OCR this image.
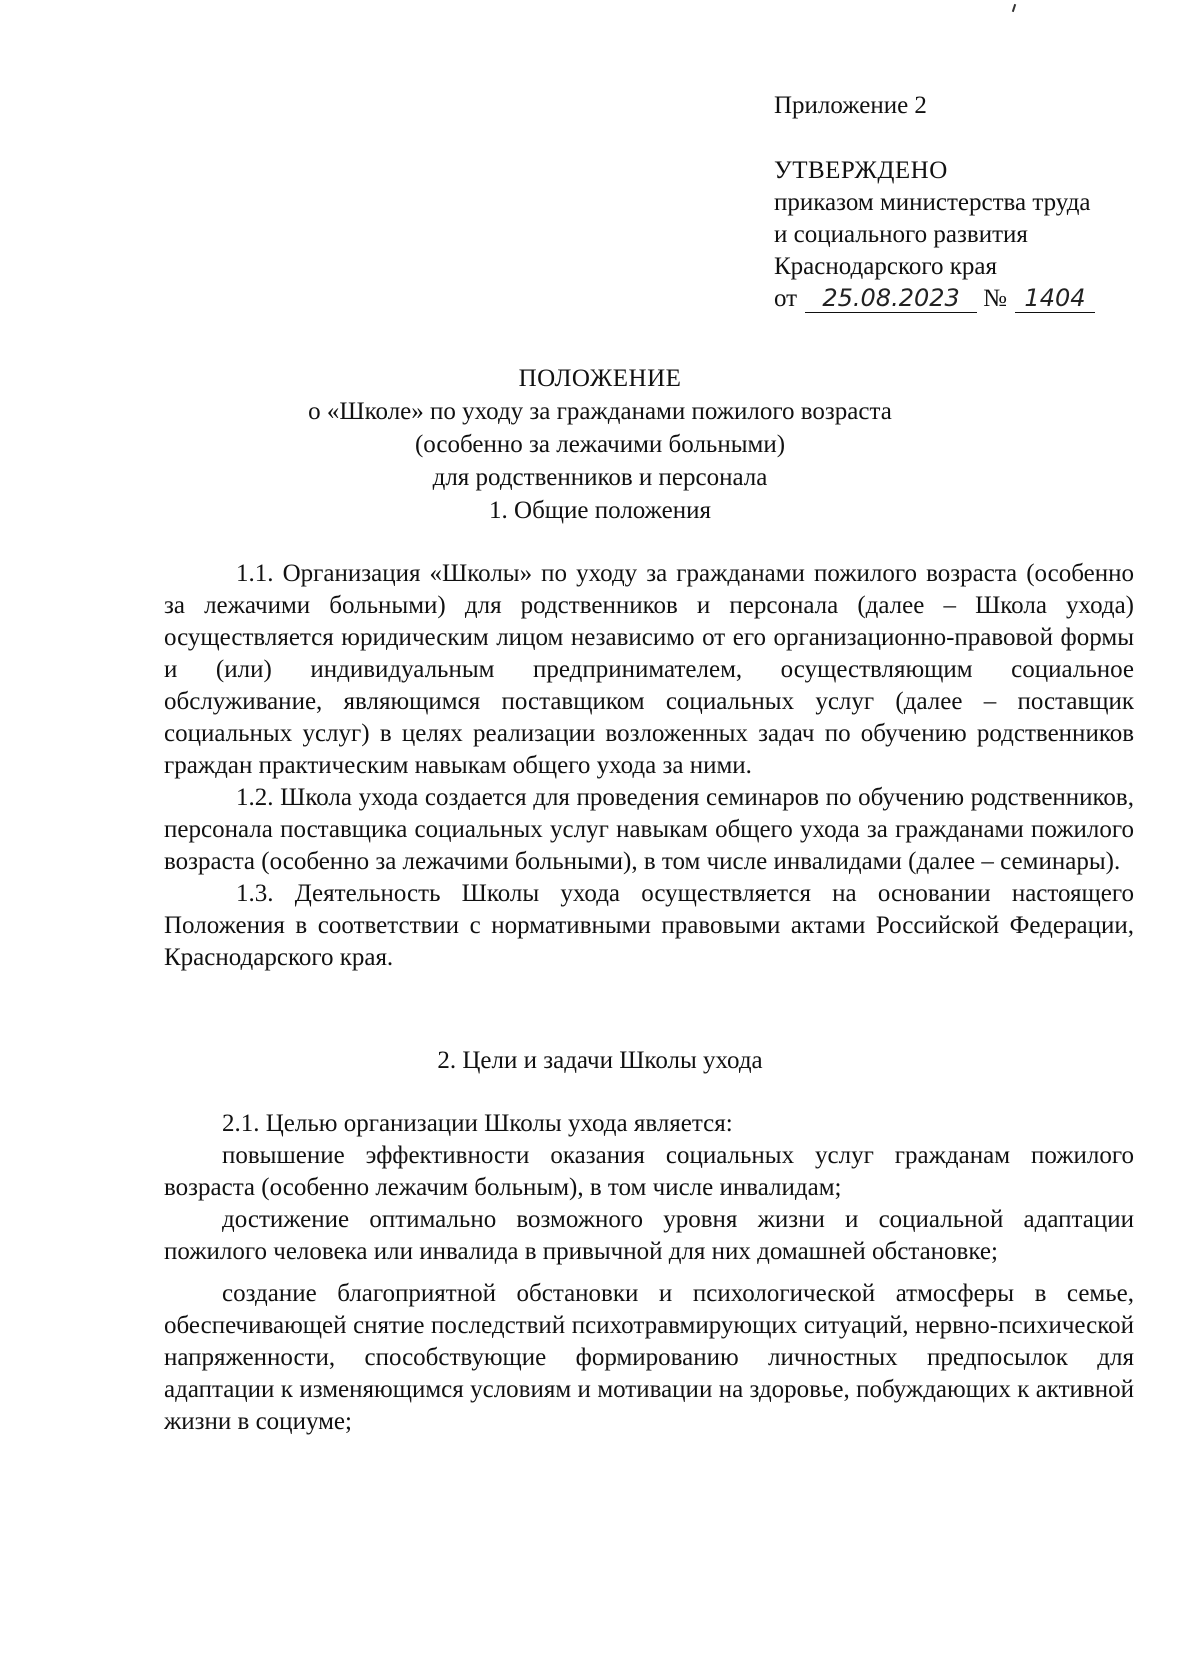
Приложение 2
УТВЕРЖДЕНО
приказом министерства труда
и социального развития
Краснодарского края
от 25.08.2023 № 1404
ПОЛОЖЕНИЕ
о «Школе» по уходу за гражданами пожилого возраста
(особенно за лежачими больными)
для родственников и персонала
1. Общие положения

1.1. Организация «Школы» по уходу за гражданами пожилого возраста (особенно за лежачими больными) для родственников и персонала (далее – Школа ухода) осуществляется юридическим лицом независимо от его организационно-правовой формы и (или) индивидуальным предпринимателем, осуществляющим социальное обслуживание, являющимся поставщиком социальных услуг (далее – поставщик социальных услуг) в целях реализации возложенных задач по обучению родственников граждан практическим навыкам общего ухода за ними.

1.2. Школа ухода создается для проведения семинаров по обучению родственников, персонала поставщика социальных услуг навыкам общего ухода за гражданами пожилого возраста (особенно за лежачими больными), в том числе инвалидами (далее – семинары).

1.3. Деятельность Школы ухода осуществляется на основании настоящего Положения в соответствии с нормативными правовыми актами Российской Федерации, Краснодарского края.

2. Цели и задачи Школы ухода

2.1. Целью организации Школы ухода является:

повышение эффективности оказания социальных услуг гражданам пожилого возраста (особенно лежачим больным), в том числе инвалидам;

достижение оптимально возможного уровня жизни и социальной адаптации пожилого человека или инвалида в привычной для них домашней обстановке;

создание благоприятной обстановки и психологической атмосферы в семье, обеспечивающей снятие последствий психотравмирующих ситуаций, нервно-психической напряженности, способствующие формированию личностных предпосылок для адаптации к изменяющимся условиям и мотивации на здоровье, побуждающих к активной жизни в социуме;
